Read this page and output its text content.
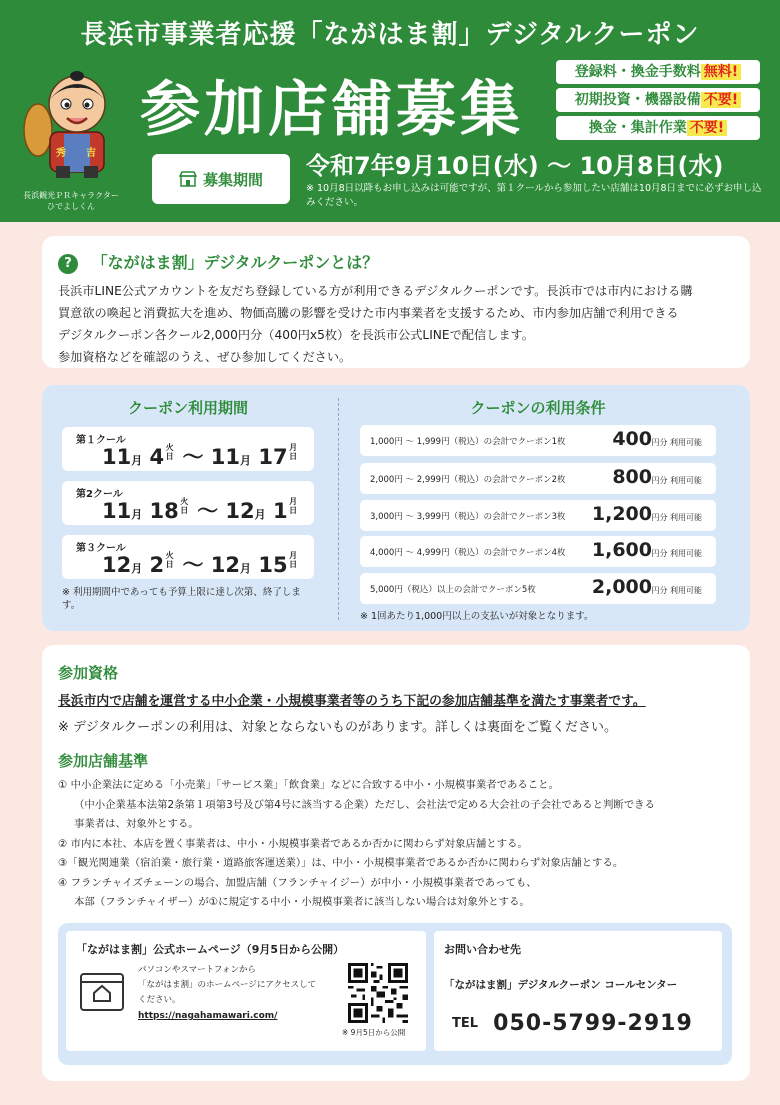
長浜市事業者応援「ながはま割」デジタルクーポン
秀 吉
長浜観光ＰＲキャラクター
ひでよしくん
参加店舗募集
登録料・換金手数料 無料!
初期投資・機器設備 不要!
換金・集計作業 不要!
募集期間 令和7年9月10日(水) ～ 10月8日(水)
※ 10月8日以降もお申し込みは可能ですが、第１クールから参加したい店舗は10月8日までに必ずお申し込みください。
? 「ながはま割」デジタルクーポンとは？
長浜市LINE公式アカウントを友だち登録している方が利用できるデジタルクーポンです。長浜市では市内における購
買意欲の喚起と消費拡大を進め、物価高騰の影響を受けた市内事業者を支援するため、市内参加店舗で利用できる
デジタルクーポン各クール2,000円分（400円x5枚）を長浜市公式LINEで配信します。
参加資格などを確認のうえ、ぜひ参加してください。
クーポン利用期間
第１クール
11月 4 火
日 ～ 11月 17 月
日
第2クール
11月 18 火
日 ～ 12月 1 月
日
第３クール
12月 2 火
日 ～ 12月 15 月
日
※ 利用期間中であっても予算上限に達し次第、終了します。
クーポンの利用条件
1,000円 ～ 1,999円（税込）の会計でクーポン1枚 400 円分 利用可能
2,000円 ～ 2,999円（税込）の会計でクーポン2枚 800 円分 利用可能
3,000円 ～ 3,999円（税込）の会計でクーポン3枚 1,200 円分 利用可能
4,000円 ～ 4,999円（税込）の会計でクーポン4枚 1,600 円分 利用可能
5,000円（税込）以上の会計でクーポン5枚	2,000 円分 利用可能
※ 1回あたり1,000円以上の支払いが対象となります。
参加資格
長浜市内で店舗を運営する中小企業・小規模事業者等のうち下記の参加店舗基準を満たす事業者です。
※ デジタルクーポンの利用は、対象とならないものがあります。詳しくは裏面をご覧ください。
参加店舗基準
① 中小企業法に定める「小売業」「サービス業」「飲食業」などに合致する中小・小規模事業者であること。
（中小企業基本法第2条第１項第3号及び第4号に該当する企業）ただし、会社法で定める大会社の子会社であると判断できる
事業者は、対象外とする。
② 市内に本社、本店を置く事業者は、中小・小規模事業者であるか否かに関わらず対象店舗とする。
③「観光関連業（宿泊業・旅行業・道路旅客運送業）」は、中小・小規模事業者であるか否かに関わらず対象店舗とする。
④ フランチャイズチェーンの場合、加盟店舗（フランチャイジー）が中小・小規模事業者であっても、
本部（フランチャイザー）が①に規定する中小・小規模事業者に該当しない場合は対象外とする。
「ながはま割」公式ホームページ（9月5日から公開）
パソコンやスマートフォンから
「ながはま割」のホームページにアクセスして
ください。
https://nagahamawari.com/
※ 9月5日から公開
お問い合わせ先
「ながはま割」デジタルクーポン コールセンター
TEL 050-5799-2919
